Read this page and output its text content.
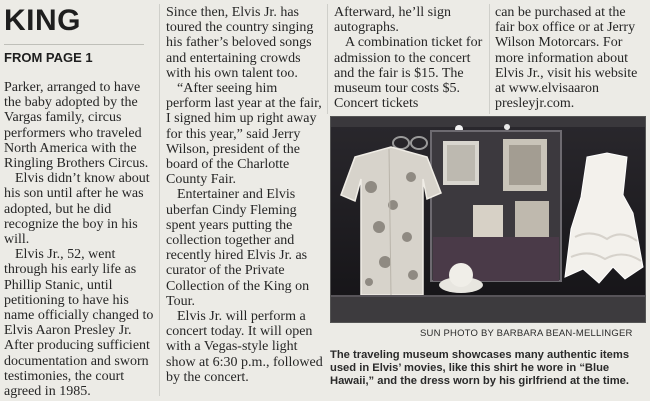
KING
FROM PAGE 1

Parker, arranged to have the baby adopted by the Vargas family, circus performers who traveled North America with the Ringling Brothers Circus.

Elvis didn’t know about his son until after he was adopted, but he did recognize the boy in his will.

Elvis Jr., 52, went through his early life as Phillip Stanic, until petitioning to have his name officially changed to Elvis Aaron Presley Jr. After producing sufficient documentation and sworn testimonies, the court agreed in 1985.

Since then, Elvis Jr. has toured the country singing his father’s beloved songs and entertaining crowds with his own talent too.

“After seeing him perform last year at the fair, I signed him up right away for this year,” said Jerry Wilson, president of the board of the Charlotte County Fair.

Entertainer and Elvis uberfan Cindy Fleming spent years putting the collection together and recently hired Elvis Jr. as curator of the Private Collection of the King on Tour.

Elvis Jr. will perform a concert today. It will open with a Vegas-style light show at 6:30 p.m., followed by the concert.

Afterward, he’ll sign autographs.

A combination ticket for admission to the concert and the fair is $15. The museum tour costs $5. Concert tickets

can be purchased at the fair box office or at Jerry Wilson Motorcars. For more information about Elvis Jr., visit his website at www.elvisaaron presleyjr.com.

SUN PHOTO BY BARBARA BEAN-MELLINGER
The traveling museum showcases many authentic items used in Elvis’ movies, like this shirt he wore in “Blue Hawaii,” and the dress worn by his girlfriend at the time.
